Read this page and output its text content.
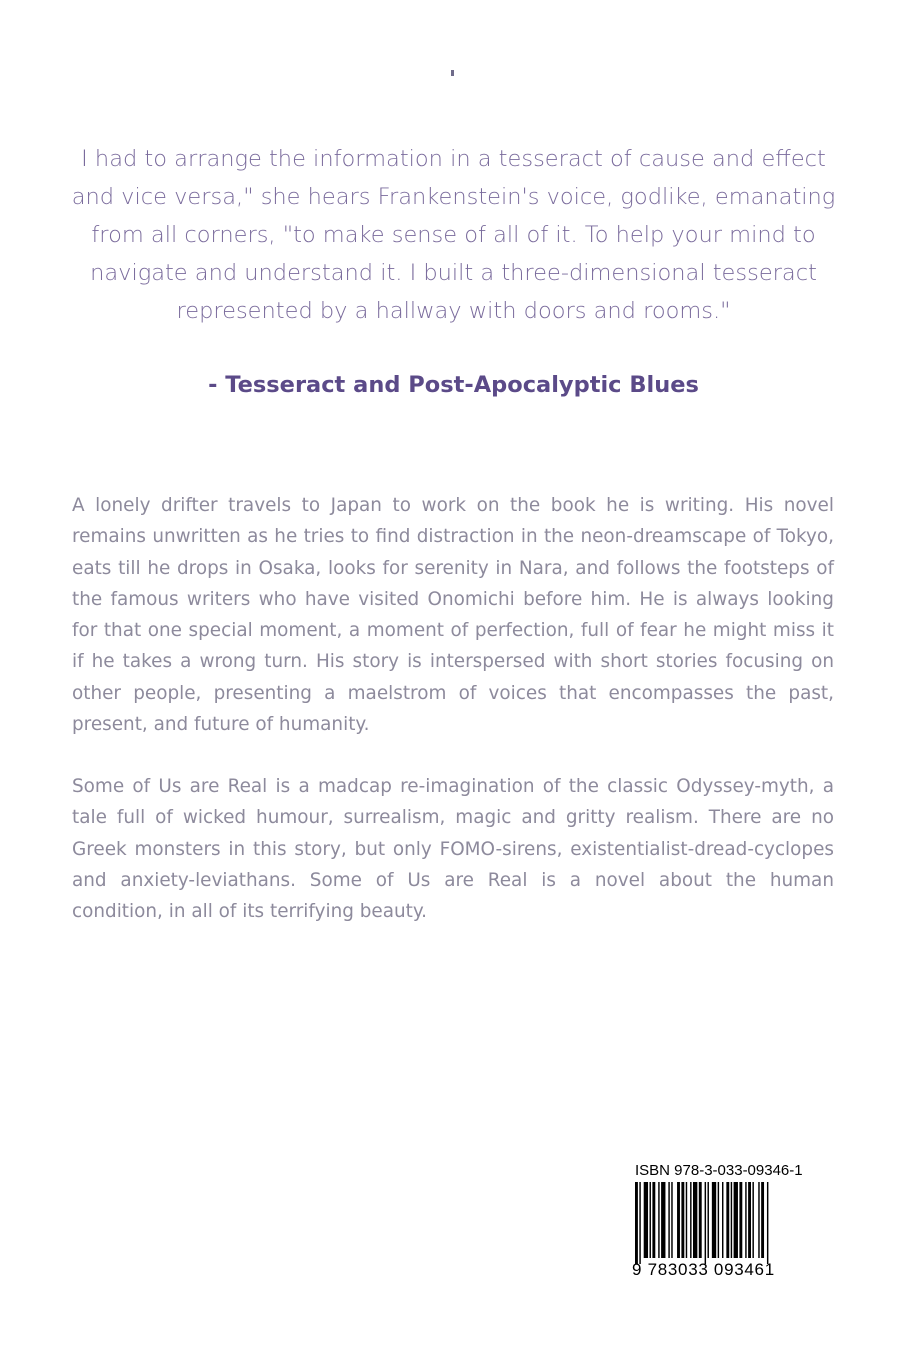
I had to arrange the information in a tesseract of cause and effect and vice versa," she hears Frankenstein's voice, godlike, emanating from all corners, "to make sense of all of it. To help your mind to navigate and understand it. I built a three-dimensional tesseract represented by a hallway with doors and rooms."

- Tesseract and Post-Apocalyptic Blues

A lonely drifter travels to Japan to work on the book he is writing. His novel remains unwritten as he tries to find distraction in the neon-dreamscape of Tokyo, eats till he drops in Osaka, looks for serenity in Nara, and follows the footsteps of the famous writers who have visited Onomichi before him. He is always looking for that one special moment, a moment of perfection, full of fear he might miss it if he takes a wrong turn. His story is interspersed with short stories focusing on other people, presenting a maelstrom of voices that encompasses the past, present, and future of humanity.

Some of Us are Real is a madcap re-imagination of the classic Odyssey-myth, a tale full of wicked humour, surrealism, magic and gritty realism. There are no Greek monsters in this story, but only FOMO-sirens, existentialist-dread-cyclopes and anxiety-leviathans. Some of Us are Real is a novel about the human condition, in all of its terrifying beauty.

ISBN 978-3-033-09346-1
9 783033 093461
